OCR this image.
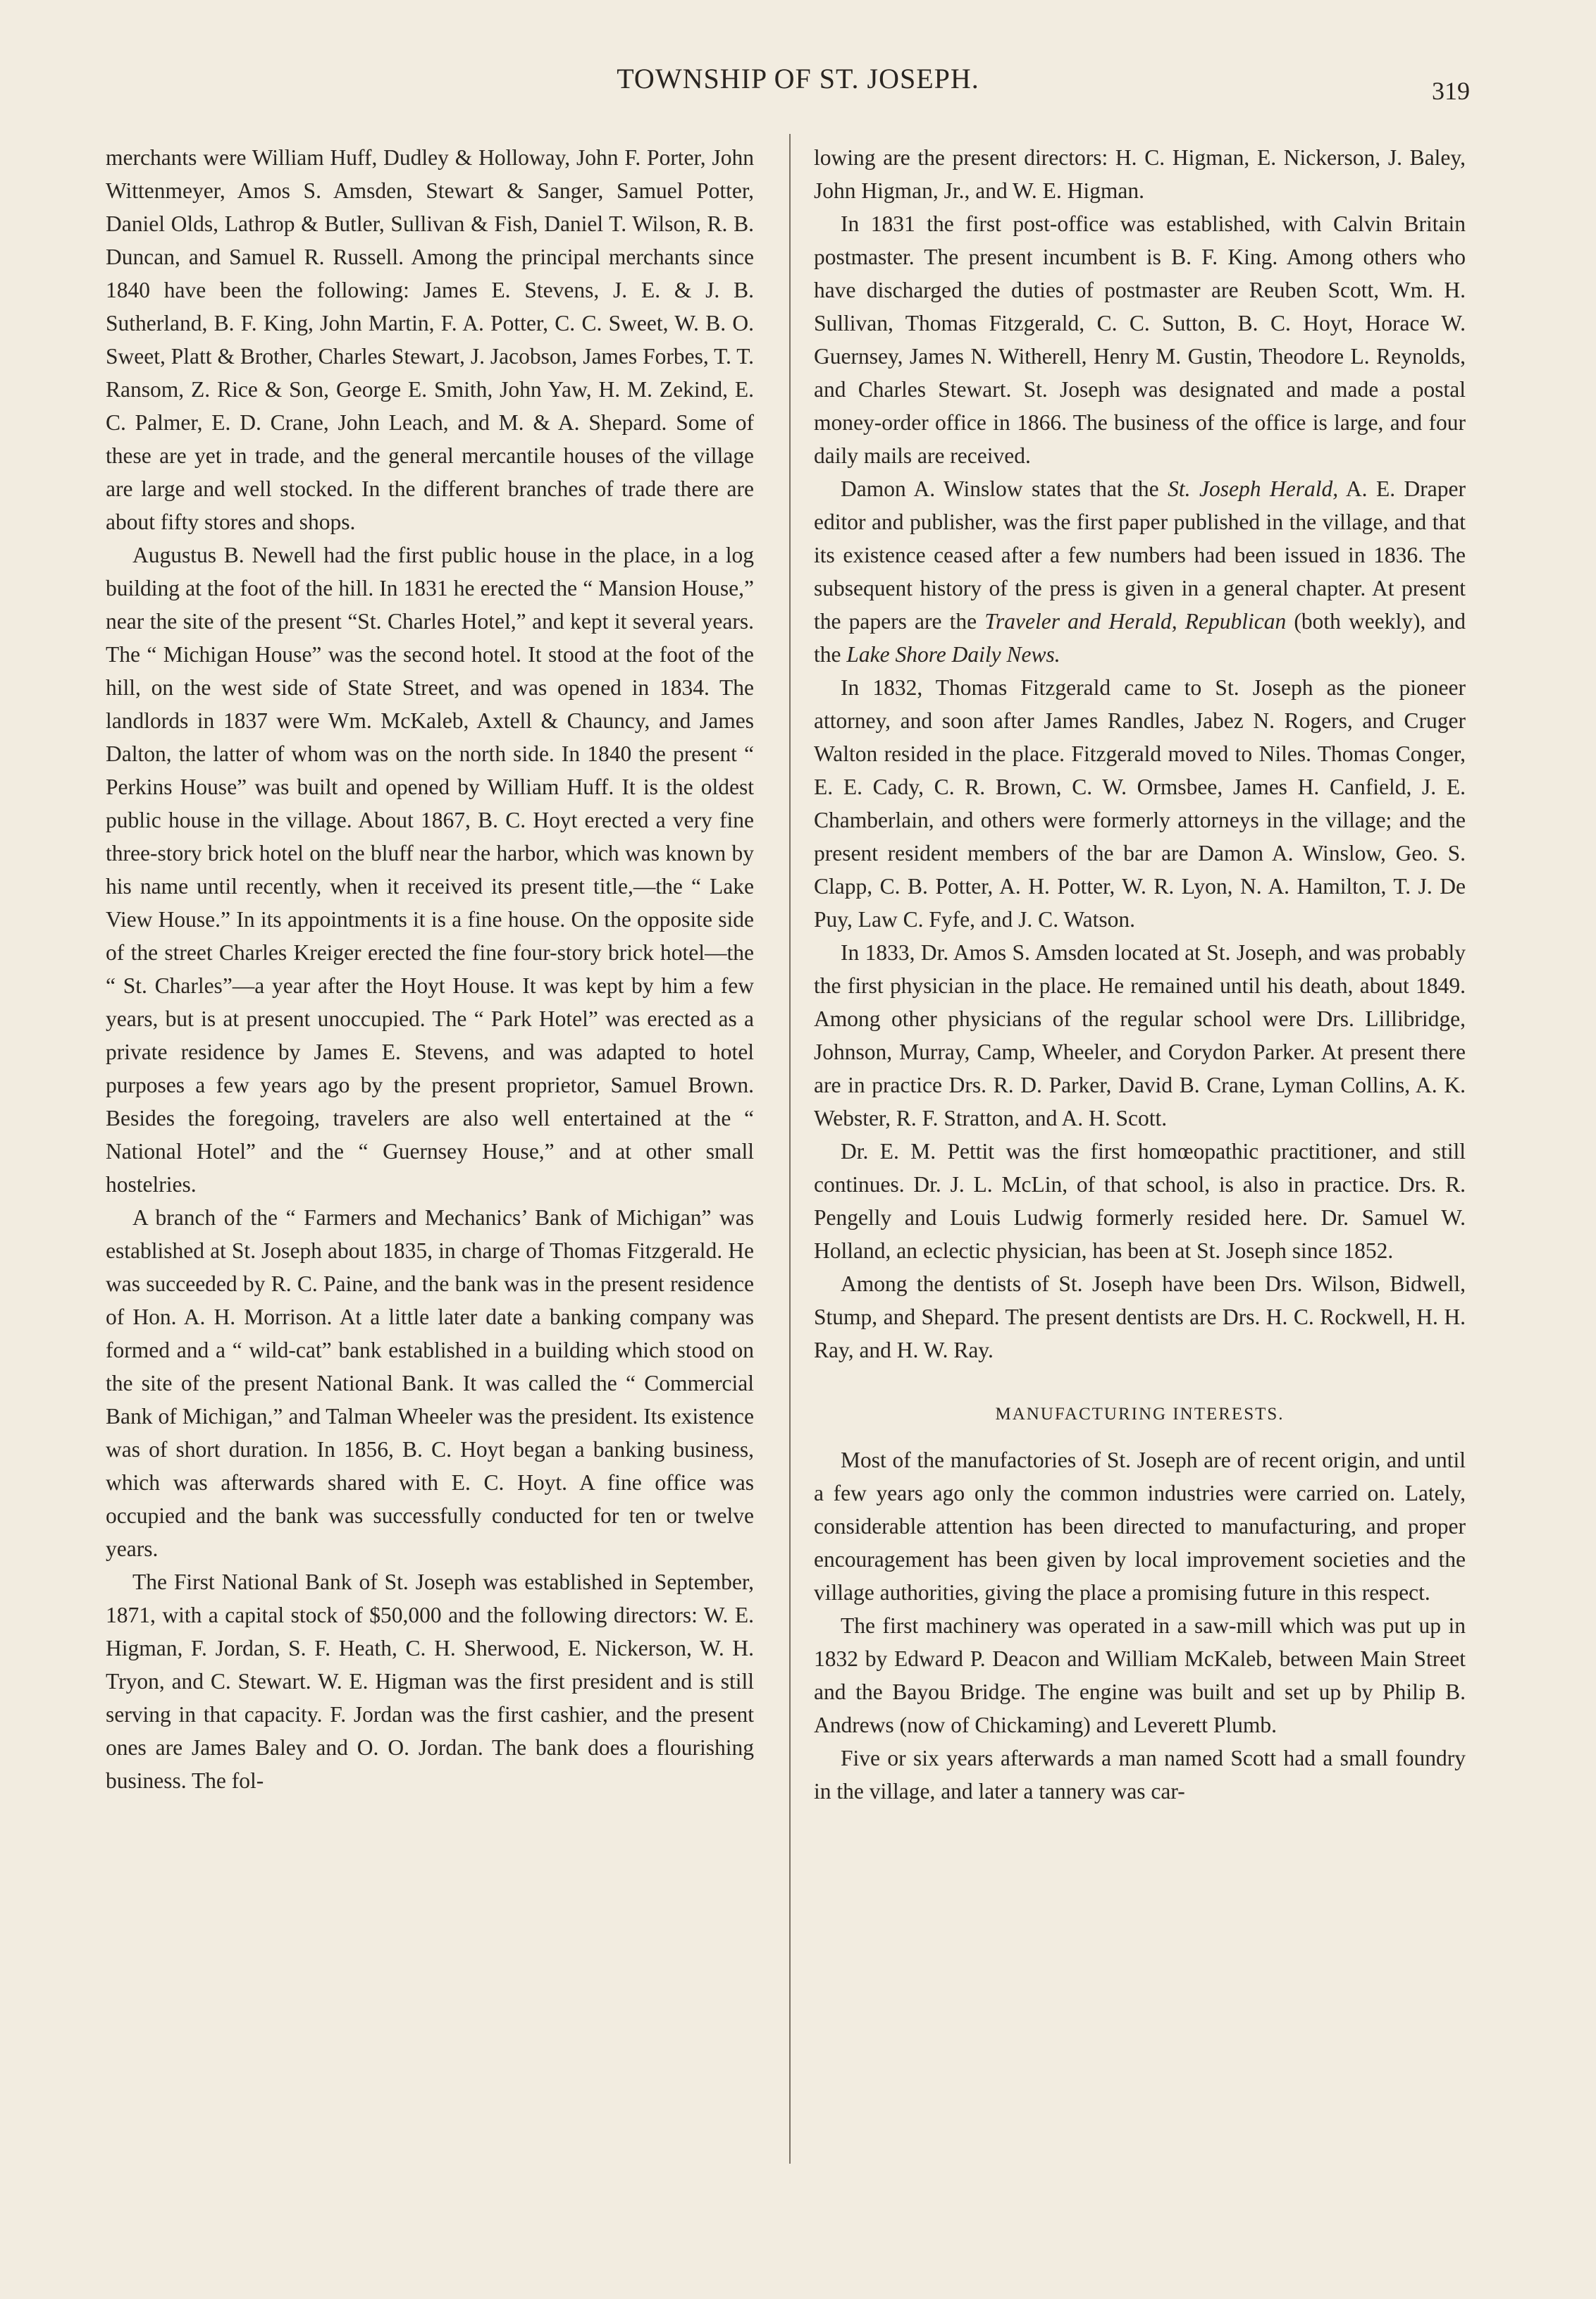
TOWNSHIP OF ST. JOSEPH.	319

merchants were William Huff, Dudley & Holloway, John F. Porter, John Wittenmeyer, Amos S. Amsden, Stewart & Sanger, Samuel Potter, Daniel Olds, Lathrop & Butler, Sullivan & Fish, Daniel T. Wilson, R. B. Duncan, and Samuel R. Russell. Among the principal merchants since 1840 have been the following: James E. Stevens, J. E. & J. B. Sutherland, B. F. King, John Martin, F. A. Potter, C. C. Sweet, W. B. O. Sweet, Platt & Brother, Charles Stewart, J. Jacobson, James Forbes, T. T. Ransom, Z. Rice & Son, George E. Smith, John Yaw, H. M. Zekind, E. C. Palmer, E. D. Crane, John Leach, and M. & A. Shepard. Some of these are yet in trade, and the general mercantile houses of the village are large and well stocked. In the different branches of trade there are about fifty stores and shops.

Augustus B. Newell had the first public house in the place, in a log building at the foot of the hill. In 1831 he erected the “ Mansion House,” near the site of the present “St. Charles Hotel,” and kept it several years. The “ Michigan House” was the second hotel. It stood at the foot of the hill, on the west side of State Street, and was opened in 1834. The landlords in 1837 were Wm. McKaleb, Axtell & Chauncy, and James Dalton, the latter of whom was on the north side. In 1840 the present “ Perkins House” was built and opened by William Huff. It is the oldest public house in the village. About 1867, B. C. Hoyt erected a very fine three-story brick hotel on the bluff near the harbor, which was known by his name until recently, when it received its present title,—the “ Lake View House.” In its appointments it is a fine house. On the opposite side of the street Charles Kreiger erected the fine four-story brick hotel—the “ St. Charles”—a year after the Hoyt House. It was kept by him a few years, but is at present unoccupied. The “ Park Hotel” was erected as a private residence by James E. Stevens, and was adapted to hotel purposes a few years ago by the present proprietor, Samuel Brown. Besides the foregoing, travelers are also well entertained at the “ National Hotel” and the “ Guernsey House,” and at other small hostelries.

A branch of the “ Farmers and Mechanics’ Bank of Michigan” was established at St. Joseph about 1835, in charge of Thomas Fitzgerald. He was succeeded by R. C. Paine, and the bank was in the present residence of Hon. A. H. Morrison. At a little later date a banking company was formed and a “ wild-cat” bank established in a building which stood on the site of the present National Bank. It was called the “ Commercial Bank of Michigan,” and Talman Wheeler was the president. Its existence was of short duration. In 1856, B. C. Hoyt began a banking business, which was afterwards shared with E. C. Hoyt. A fine office was occupied and the bank was successfully conducted for ten or twelve years.

The First National Bank of St. Joseph was established in September, 1871, with a capital stock of $50,000 and the following directors: W. E. Higman, F. Jordan, S. F. Heath, C. H. Sherwood, E. Nickerson, W. H. Tryon, and C. Stewart. W. E. Higman was the first president and is still serving in that capacity. F. Jordan was the first cashier, and the present ones are James Baley and O. O. Jordan. The bank does a flourishing business. The fol-

lowing are the present directors: H. C. Higman, E. Nickerson, J. Baley, John Higman, Jr., and W. E. Higman.

In 1831 the first post-office was established, with Calvin Britain postmaster. The present incumbent is B. F. King. Among others who have discharged the duties of postmaster are Reuben Scott, Wm. H. Sullivan, Thomas Fitzgerald, C. C. Sutton, B. C. Hoyt, Horace W. Guernsey, James N. Witherell, Henry M. Gustin, Theodore L. Reynolds, and Charles Stewart. St. Joseph was designated and made a postal money-order office in 1866. The business of the office is large, and four daily mails are received.

Damon A. Winslow states that the St. Joseph Herald, A. E. Draper editor and publisher, was the first paper published in the village, and that its existence ceased after a few numbers had been issued in 1836. The subsequent history of the press is given in a general chapter. At present the papers are the Traveler and Herald, Republican (both weekly), and the Lake Shore Daily News.

In 1832, Thomas Fitzgerald came to St. Joseph as the pioneer attorney, and soon after James Randles, Jabez N. Rogers, and Cruger Walton resided in the place. Fitzgerald moved to Niles. Thomas Conger, E. E. Cady, C. R. Brown, C. W. Ormsbee, James H. Canfield, J. E. Chamberlain, and others were formerly attorneys in the village; and the present resident members of the bar are Damon A. Winslow, Geo. S. Clapp, C. B. Potter, A. H. Potter, W. R. Lyon, N. A. Hamilton, T. J. De Puy, Law C. Fyfe, and J. C. Watson.

In 1833, Dr. Amos S. Amsden located at St. Joseph, and was probably the first physician in the place. He remained until his death, about 1849. Among other physicians of the regular school were Drs. Lillibridge, Johnson, Murray, Camp, Wheeler, and Corydon Parker. At present there are in practice Drs. R. D. Parker, David B. Crane, Lyman Collins, A. K. Webster, R. F. Stratton, and A. H. Scott.

Dr. E. M. Pettit was the first homœopathic practitioner, and still continues. Dr. J. L. McLin, of that school, is also in practice. Drs. R. Pengelly and Louis Ludwig formerly resided here. Dr. Samuel W. Holland, an eclectic physician, has been at St. Joseph since 1852.

Among the dentists of St. Joseph have been Drs. Wilson, Bidwell, Stump, and Shepard. The present dentists are Drs. H. C. Rockwell, H. H. Ray, and H. W. Ray.

MANUFACTURING INTERESTS.

Most of the manufactories of St. Joseph are of recent origin, and until a few years ago only the common industries were carried on. Lately, considerable attention has been directed to manufacturing, and proper encouragement has been given by local improvement societies and the village authorities, giving the place a promising future in this respect.

The first machinery was operated in a saw-mill which was put up in 1832 by Edward P. Deacon and William McKaleb, between Main Street and the Bayou Bridge. The engine was built and set up by Philip B. Andrews (now of Chickaming) and Leverett Plumb.

Five or six years afterwards a man named Scott had a small foundry in the village, and later a tannery was car-
